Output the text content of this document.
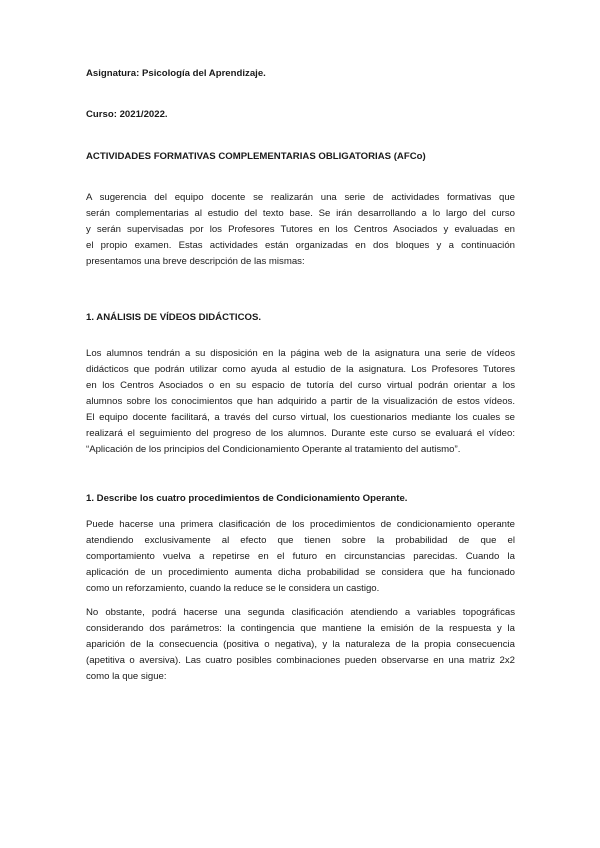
Asignatura: Psicología del Aprendizaje.
Curso: 2021/2022.
ACTIVIDADES FORMATIVAS COMPLEMENTARIAS OBLIGATORIAS (AFCo)
A sugerencia del equipo docente se realizarán una serie de actividades formativas que
serán complementarias al estudio del texto base. Se irán desarrollando a lo largo del curso
y serán supervisadas por los Profesores Tutores en los Centros Asociados y evaluadas en
el propio examen. Estas actividades están organizadas en dos bloques y a continuación
presentamos una breve descripción de las mismas:
1. ANÁLISIS DE VÍDEOS DIDÁCTICOS.
Los alumnos tendrán a su disposición en la página web de la asignatura una serie de vídeos
didácticos que podrán utilizar como ayuda al estudio de la asignatura. Los Profesores Tutores
en los Centros Asociados o en su espacio de tutoría del curso virtual podrán orientar a los
alumnos sobre los conocimientos que han adquirido a partir de la visualización de estos vídeos.
El equipo docente facilitará, a través del curso virtual, los cuestionarios mediante los cuales se
realizará el seguimiento del progreso de los alumnos. Durante este curso se evaluará el vídeo:
“Aplicación de los principios del Condicionamiento Operante al tratamiento del autismo”.
1. Describe los cuatro procedimientos de Condicionamiento Operante.
Puede hacerse una primera clasificación de los procedimientos de condicionamiento operante
atendiendo exclusivamente al efecto que tienen sobre la probabilidad de que el
comportamiento vuelva a repetirse en el futuro en circunstancias parecidas. Cuando la
aplicación de un procedimiento aumenta dicha probabilidad se considera que ha funcionado
como un reforzamiento, cuando la reduce se le considera un castigo.
No obstante, podrá hacerse una segunda clasificación atendiendo a variables topográficas
considerando dos parámetros: la contingencia que mantiene la emisión de la respuesta y la
aparición de la consecuencia (positiva o negativa), y la naturaleza de la propia consecuencia
(apetitiva o aversiva). Las cuatro posibles combinaciones pueden observarse en una matriz 2x2
como la que sigue:
